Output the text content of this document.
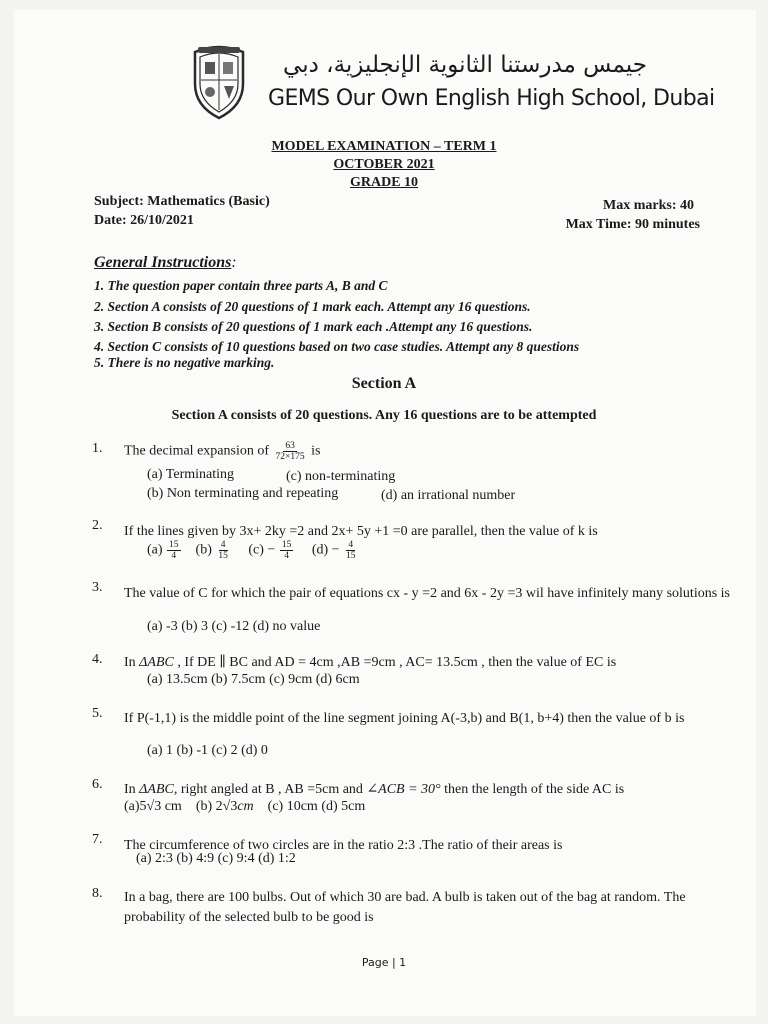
جيمس مدرستنا الثانوية الإنجليزية، دبي
GEMS Our Own English High School, Dubai
MODEL EXAMINATION – TERM 1
OCTOBER 2021
GRADE 10
Subject: Mathematics (Basic)
Date: 26/10/2021
Max marks: 40
Max Time: 90 minutes
General Instructions:
1. The question paper contain three parts A, B and C
2. Section A consists of 20 questions of 1 mark each. Attempt any 16 questions.
3. Section B consists of 20 questions of 1 mark each .Attempt any 16 questions.
4. Section C consists of 10 questions based on two case studies. Attempt any 8 questions
5. There is no negative marking.
Section A
Section A consists of 20 questions. Any 16 questions are to be attempted
1. The decimal expansion of $\frac{63}{72\times 175}$ is
(a) Terminating	(c) non-terminating
(b) Non terminating and repeating	(d) an irrational number
2. If the lines given by 3x+ 2ky =2 and 2x+ 5y +1 =0 are parallel, then the value of k is
$(a) \frac{15}{4} (b) \frac{4}{15} (c) - \frac{15}{4} (d) - \frac{4}{15}$
3. The value of C for which the pair of equations cx - y =2 and 6x - 2y =3 wil have infinitely many solutions is
(a) -3 (b) 3 (c) -12 (d) no value
4. In ΔABC , If DE ∥ BC and AD = 4cm ,AB =9cm , AC= 13.5cm , then the value of EC is
(a) 13.5cm (b) 7.5cm (c) 9cm (d) 6cm
5. If P(-1,1) is the middle point of the line segment joining A(-3,b) and B(1, b+4) then the value of b is
(a) 1 (b) -1 (c) 2 (d) 0
6. In ΔABC, right angled at B , AB =5cm and ∠ACB = 30° then the length of the side AC is
(a)5√3 cm (b) 2√3cm (c) 10cm (d) 5cm
7. The circumference of two circles are in the ratio 2:3 .The ratio of their areas is
(a) 2:3 (b) 4:9 (c) 9:4 (d) 1:2
8. In a bag, there are 100 bulbs. Out of which 30 are bad. A bulb is taken out of the bag at random. The probability of the selected bulb to be good is
Page | 1
